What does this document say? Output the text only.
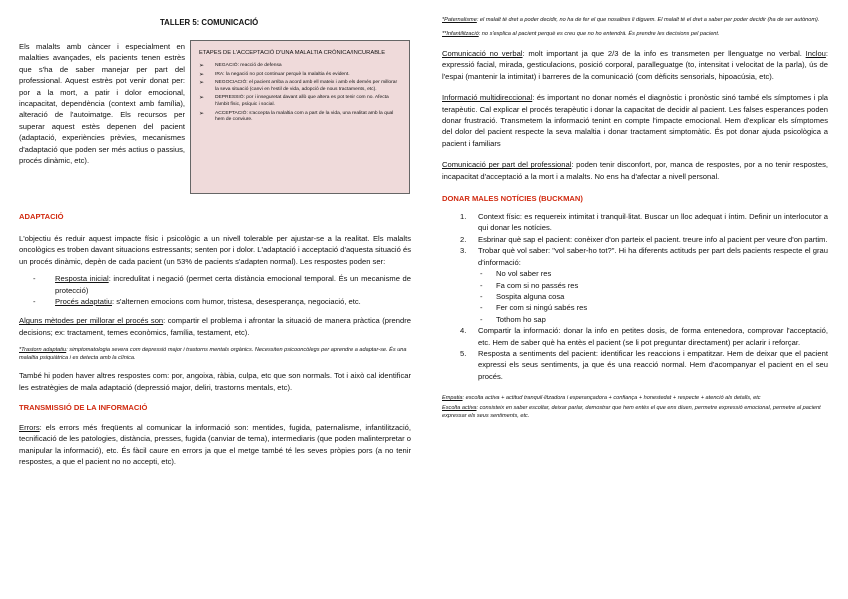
TALLER 5: COMUNICACIÓ

Els malalts amb càncer i especialment en malalties avançades, els pacients tenen estrès que s'ha de saber manejar per part del professional. Aquest estrès pot venir donat per: por a la mort, a patir i dolor emocional, incapacitat, dependència (context amb família), alteració de l'autoimatge. Els recursos per superar aquest estès depenen del pacient (adaptació, experiències prèvies, mecanismes d'adaptació que poden ser més actius o passius, procés dinàmic, etc).

ETAPES DE L'ACCEPTACIÓ D'UNA MALALTIA CRÒNICA/INCURABLE
➢ NEGACIÓ: reacció de defensa
➢ IRA: la negació no pot continuar perquè la malaltia és evident.
➢ NEGOCIACIÓ: el pacient arriba a acord amb ell mateix i amb els demés per millorar la seva situació (canvi en l'estil de vida, adopció de nous tractaments, etc).
➢ DEPRESSIÓ: por i inseguretat davant allò que altera es pot tenir com no. Afecta l'àmbit físic, psíquic i social.
➢ ACCEPTACIÓ: s'accepta la malaltia com a part de la vida, una realitat amb la qual hem de conviure.
ADAPTACIÓ

L'objectiu és reduir aquest impacte físic i psicològic a un nivell tolerable per ajustar-se a la realitat. Els malalts oncològics es troben davant situacions estressants; senten por i dolor. L'adaptació i acceptació d'aquesta situació és un procés dinàmic, depèn de cada pacient (un 53% de pacients s'adapten normal). Les respostes poden ser:

-	Resposta inicial: incredulitat i negació (permet certa distància emocional temporal. És un mecanisme de protecció)
-	Procés adaptatiu: s'alternen emocions com humor, tristesa, desesperança, negociació, etc.

Alguns mètodes per millorar el procés son: compartir el problema i afrontar la situació de manera pràctica (prendre decisions; ex: tractament, temes econòmics, família, testament, etc).

*Trastorn adaptatiu: simptomatologia severa com depressió major i trastorns mentals orgànics. Necessiten psicooncòlegs per aprendre a adaptar-se. És una malaltia psiquiàtrica i es detecta amb la clínica.

També hi poden haver altres respostes com: por, angoixa, ràbia, culpa, etc que son normals. Tot i això cal identificar les estratègies de mala adaptació (depressió major, deliri, trastorns mentals, etc).

TRANSMISSIÓ DE LA INFORMACIÓ

Errors: els errors més freqüents al comunicar la informació son: mentides, fugida, paternalisme, infantilització, tecnificació de les patologies, distància, presses, fugida (canviar de tema), intermediaris (que poden malinterpretar o manipular la informació), etc. És fàcil caure en errors ja que el metge també té les seves pròpies pors (a no tenir respostes, a que el pacient no no accepti, etc).

*Paternalisme: el malalt té dret a poder decidir, no ha de fer el que nosaltres li diguem. El malalt té el dret a saber per poder decidir (ha de ser autònom).

**Infantilització: no s'explica al pacient perquè es creu que no ho entendrà. És prendre les decisions pel pacient.

Comunicació no verbal: molt important ja que 2/3 de la info es transmeten per llenguatge no verbal. Inclou: expressió facial, mirada, gesticulacions, posició corporal, paralleguatge (to, intensitat i velocitat de la parla), ús de l'espai (mantenir la intimitat) i barreres de la comunicació (com dèficits sensorials, hipoacúsia, etc).

Informació multidireccional: és important no donar només el diagnòstic i pronòstic sinó també els símptomes i pla terapèutic. Cal explicar el procés terapèutic i donar la capacitat de decidir al pacient. Les falses esperances poden donar frustració. Transmetem la informació tenint en compte l'impacte emocional. Hem d'explicar els símptomes del dolor del pacient respecte la seva malaltia i donar tractament simptomàtic. És pot donar ajuda psicològica a pacient i familiars

Comunicació per part del professional: poden tenir disconfort, por, manca de respostes, por a no tenir respostes, incapacitat d'acceptació a la mort i a malalts. No ens ha d'afectar a nivell personal.

DONAR MALES NOTÍCIES (BUCKMAN)
1. Context físic: es requereix intimitat i tranquil·litat. Buscar un lloc adequat i íntim. Definir un interlocutor a qui donar les notícies.
2. Esbrinar què sap el pacient: conèixer d'on parteix el pacient. treure info al pacient per veure d'on partim.
3. Trobar què vol saber: "vol saber-ho tot?". Hi ha diferents actituds per part dels pacients respecte el grau d'informació:
- No vol saber res
- Fa com si no passés res
- Sospita alguna cosa
- Fer com si ningú sabés res
- Tothom ho sap
4. Compartir la informació: donar la info en petites dosis, de forma entenedora, comprovar l'acceptació, etc. Hem de saber què ha entès el pacient (se li pot preguntar directament) per aclarir i reforçar.
5. Resposta a sentiments del pacient: identificar les reaccions i empatitzar. Hem de deixar que el pacient expressi els seus sentiments, ja que és una reacció normal. Hem d'acompanyar el pacient en el seu procés.

Empatia: escolta activa + actitud tranquil·litzadora i esperançadora + confiança + honestedat + respecte + atenció als detalls, etc

Escolta activa: consisteix en saber escoltar, deixar parlar, demostrar que hem entès el que ens diuen, permetre expressió emocional, permetre al pacient expressar els seus sentiments, etc.
